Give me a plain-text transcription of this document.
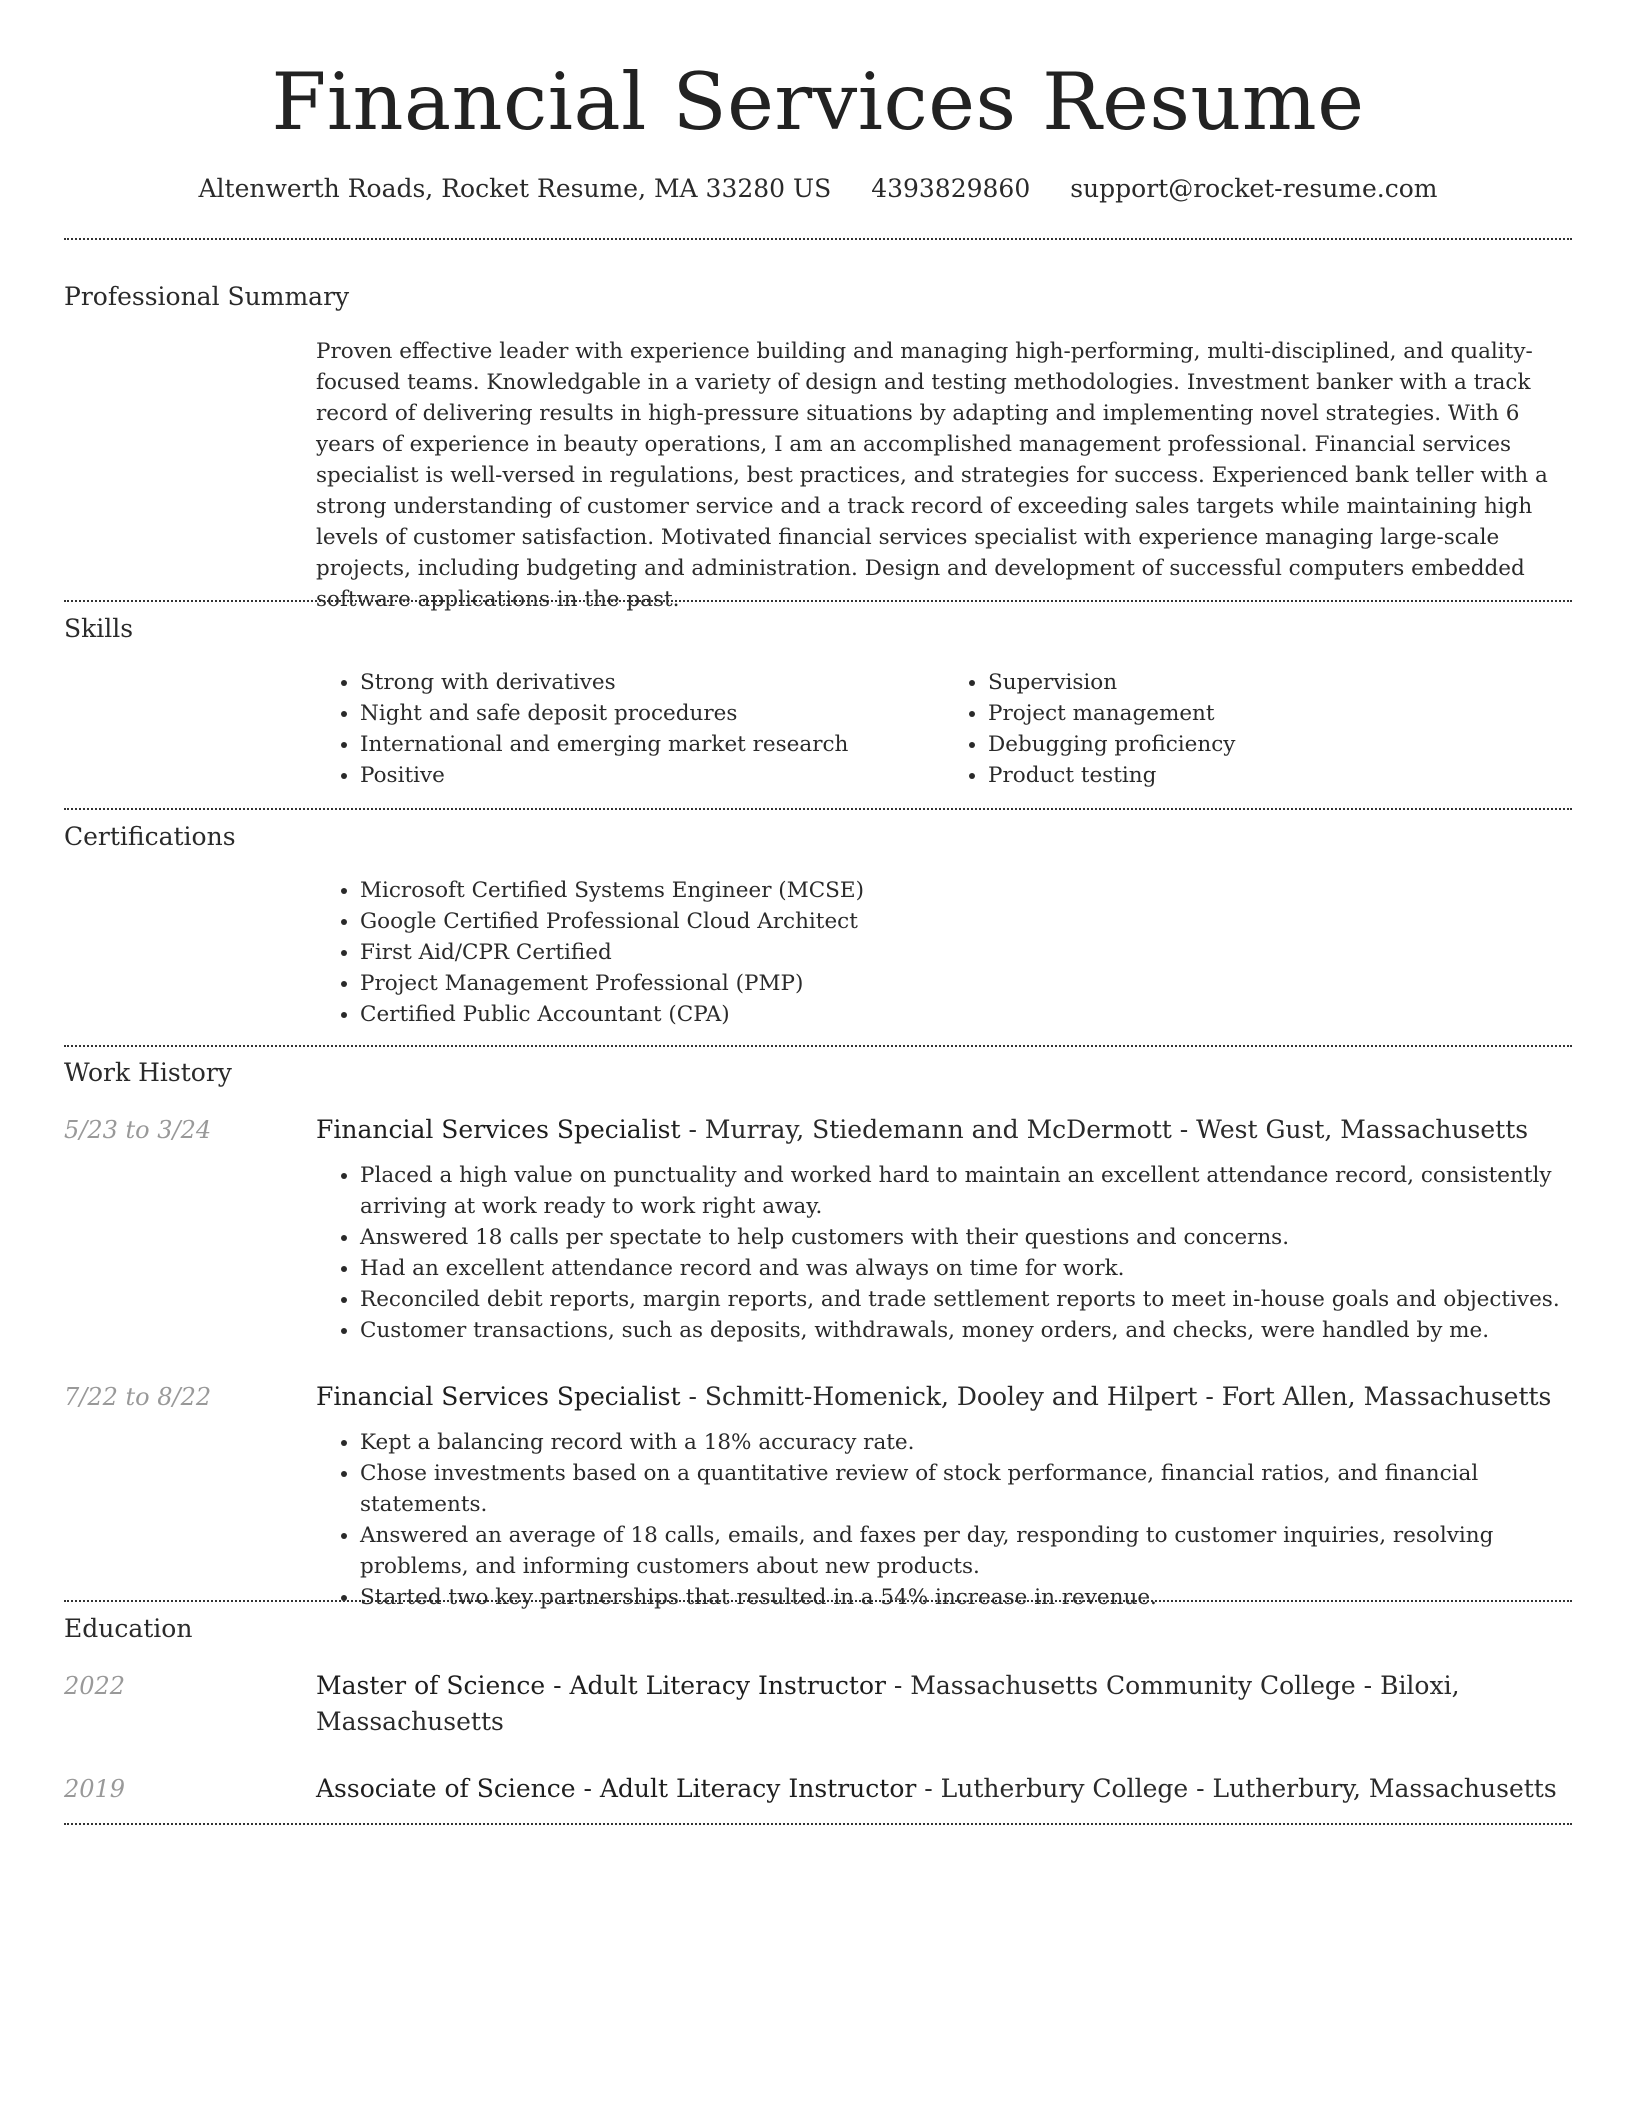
Financial Services Resume
Altenwerth Roads, Rocket Resume, MA 33280 US 4393829860 support@rocket-resume.com
Professional Summary

Proven effective leader with experience building and managing high-performing, multi-disciplined, and quality-focused teams. Knowledgable in a variety of design and testing methodologies. Investment banker with a track record of delivering results in high-pressure situations by adapting and implementing novel strategies. With 6 years of experience in beauty operations, I am an accomplished management professional. Financial services specialist is well-versed in regulations, best practices, and strategies for success. Experienced bank teller with a strong understanding of customer service and a track record of exceeding sales targets while maintaining high levels of customer satisfaction. Motivated financial services specialist with experience managing large-scale projects, including budgeting and administration. Design and development of successful computers embedded software applications in the past.

Skills
• Strong with derivatives
• Night and safe deposit procedures
• International and emerging market research
• Positive
• Supervision
• Project management
• Debugging proficiency
• Product testing
Certifications
• Microsoft Certified Systems Engineer (MCSE)
• Google Certified Professional Cloud Architect
• First Aid/CPR Certified
• Project Management Professional (PMP)
• Certified Public Accountant (CPA)
Work History
5/23 to 3/24	Financial Services Specialist - Murray, Stiedemann and McDermott - West Gust, Massachusetts
• Placed a high value on punctuality and worked hard to maintain an excellent attendance record, consistently arriving at work ready to work right away.
• Answered 18 calls per spectate to help customers with their questions and concerns.
• Had an excellent attendance record and was always on time for work.
• Reconciled debit reports, margin reports, and trade settlement reports to meet in-house goals and objectives.
• Customer transactions, such as deposits, withdrawals, money orders, and checks, were handled by me.
7/22 to 8/22	Financial Services Specialist - Schmitt-Homenick, Dooley and Hilpert - Fort Allen, Massachusetts
• Kept a balancing record with a 18% accuracy rate.
• Chose investments based on a quantitative review of stock performance, financial ratios, and financial statements.
• Answered an average of 18 calls, emails, and faxes per day, responding to customer inquiries, resolving problems, and informing customers about new products.
• Started two key partnerships that resulted in a 54% increase in revenue.
Education
2022	Master of Science - Adult Literacy Instructor - Massachusetts Community College - Biloxi, Massachusetts
2019	Associate of Science - Adult Literacy Instructor - Lutherbury College - Lutherbury, Massachusetts
